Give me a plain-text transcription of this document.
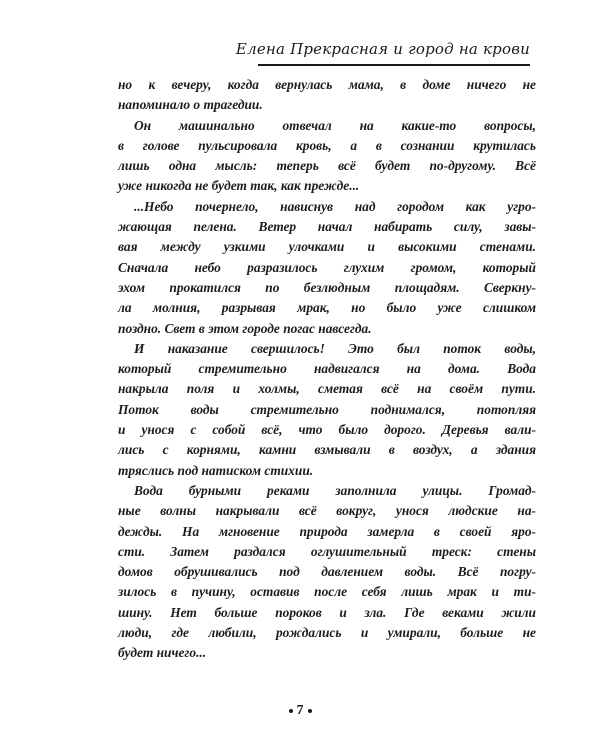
Елена Прекрасная и город на крови
но к вечеру, когда вернулась мама, в доме ничего не
напоминало о трагедии.
Он машинально отвечал на какие-то вопросы,
в голове пульсировала кровь, а в сознании крутилась
лишь одна мысль: теперь всё будет по-другому. Всё
уже никогда не будет так, как прежде...
...Небо почернело, нависнув над городом как угро-
жающая пелена. Ветер начал набирать силу, завы-
вая между узкими улочками и высокими стенами.
Сначала небо разразилось глухим громом, который
эхом прокатился по безлюдным площадям. Сверкну-
ла молния, разрывая мрак, но было уже слишком
поздно. Свет в этом городе погас навсегда.
И наказание свершилось! Это был поток воды,
который стремительно надвигался на дома. Вода
накрыла поля и холмы, сметая всё на своём пути.
Поток воды стремительно поднимался, потопляя
и унося с собой всё, что было дорого. Деревья вали-
лись с корнями, камни взмывали в воздух, а здания
тряслись под натиском стихии.
Вода бурными реками заполнила улицы. Громад-
ные волны накрывали всё вокруг, унося людские на-
дежды. На мгновение природа замерла в своей яро-
сти. Затем раздался оглушительный треск: стены
домов обрушивались под давлением воды. Всё погру-
зилось в пучину, оставив после себя лишь мрак и ти-
шину. Нет больше пороков и зла. Где веками жили
люди, где любили, рождались и умирали, больше не
будет ничего...
7
